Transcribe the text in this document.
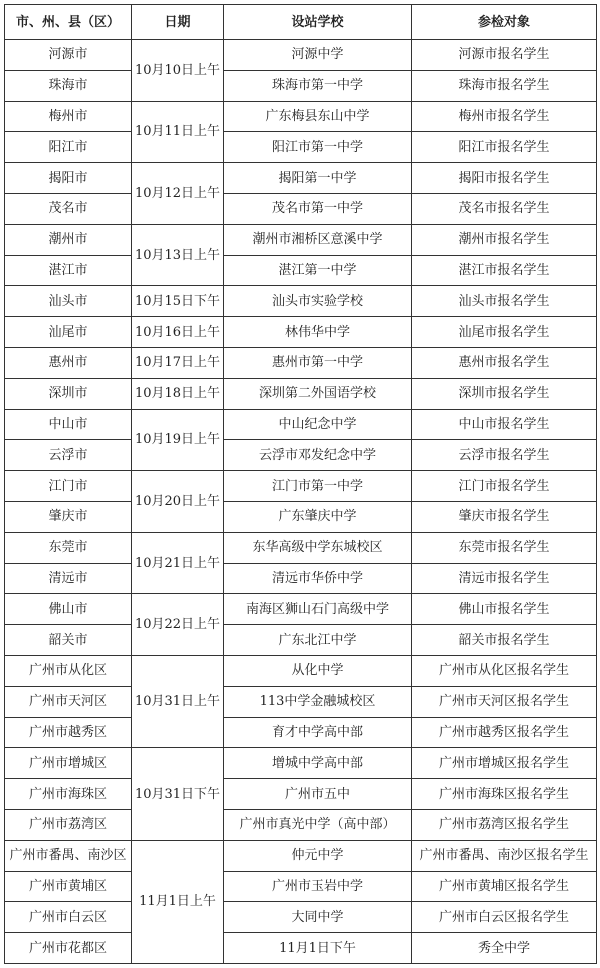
市、州、县（区）	日期	设站学校	参检对象	
河源市	10月10日上午	河源中学	河源市报名学生	
珠海市		珠海市第一中学	珠海市报名学生	
梅州市	10月11日上午	广东梅县东山中学	梅州市报名学生	
阳江市		阳江市第一中学	阳江市报名学生	
揭阳市	10月12日上午	揭阳第一中学	揭阳市报名学生	
茂名市		茂名市第一中学	茂名市报名学生	
潮州市	10月13日上午	潮州市湘桥区意溪中学	潮州市报名学生	
湛江市		湛江第一中学	湛江市报名学生	
汕头市	10月15日下午	汕头市实验学校	汕头市报名学生	
汕尾市	10月16日上午	林伟华中学	汕尾市报名学生	
惠州市	10月17日上午	惠州市第一中学	惠州市报名学生	
深圳市	10月18日上午	深圳第二外国语学校	深圳市报名学生	
中山市	10月19日上午	中山纪念中学	中山市报名学生	
云浮市		云浮市邓发纪念中学	云浮市报名学生	
江门市	10月20日上午	江门市第一中学	江门市报名学生	
肇庆市		广东肇庆中学	肇庆市报名学生	
东莞市	10月21日上午	东华高级中学东城校区	东莞市报名学生	
清远市		清远市华侨中学	清远市报名学生	
佛山市	10月22日上午	南海区狮山石门高级中学	佛山市报名学生	
韶关市		广东北江中学	韶关市报名学生	
广州市从化区	10月31日上午	从化中学	广州市从化区报名学生	
广州市天河区		113中学金融城校区	广州市天河区报名学生	
广州市越秀区		育才中学高中部	广州市越秀区报名学生	
广州市增城区	10月31日下午	增城中学高中部	广州市增城区报名学生	
广州市海珠区		广州市五中	广州市海珠区报名学生	
广州市荔湾区		广州市真光中学（高中部）	广州市荔湾区报名学生	
广州市番禺、南沙区	11月1日上午	仲元中学	广州市番禺、南沙区报名学生	
广州市黄埔区		广州市玉岩中学	广州市黄埔区报名学生	
广州市白云区		大同中学	广州市白云区报名学生	
广州市花都区		11月1日下午	秀全中学	
